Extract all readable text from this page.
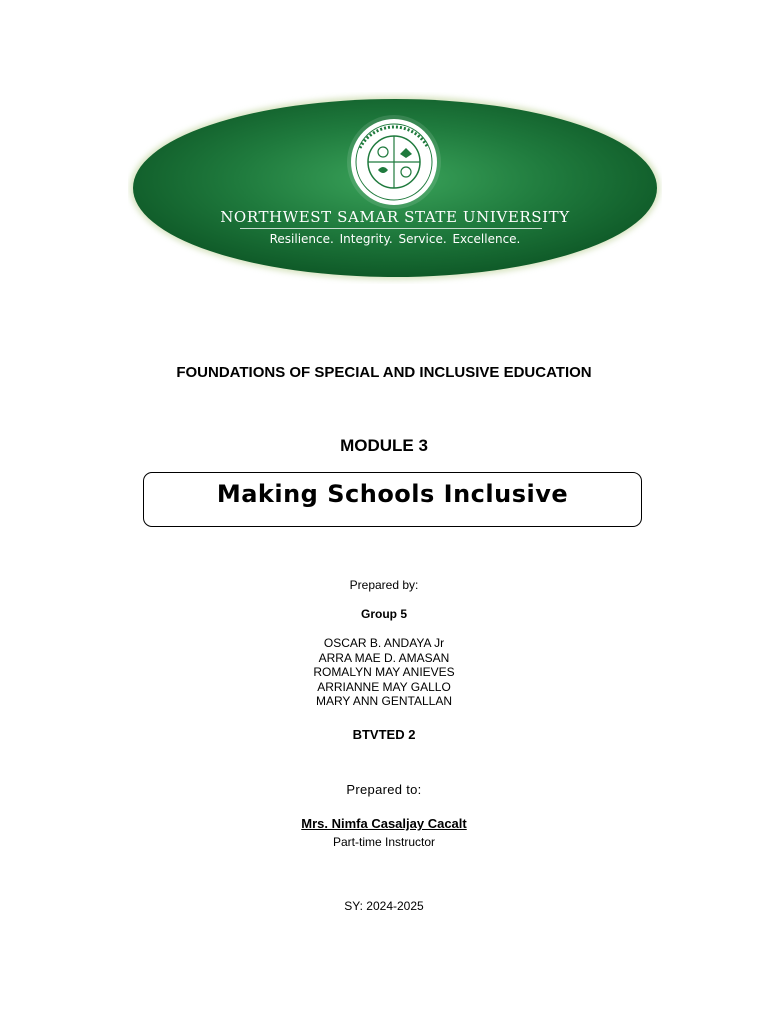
NORTHWEST SAMAR STATE UNIVERSITY
Resilience. Integrity. Service. Excellence.
FOUNDATIONS OF SPECIAL AND INCLUSIVE EDUCATION
MODULE 3
Making Schools Inclusive
Prepared by:
Group 5
OSCAR B. ANDAYA Jr
ARRA MAE D. AMASAN
ROMALYN MAY ANIEVES
ARRIANNE MAY GALLO
MARY ANN GENTALLAN
BTVTED 2
Prepared to:
Mrs. Nimfa Casaljay Cacalt
Part-time Instructor
SY: 2024-2025
